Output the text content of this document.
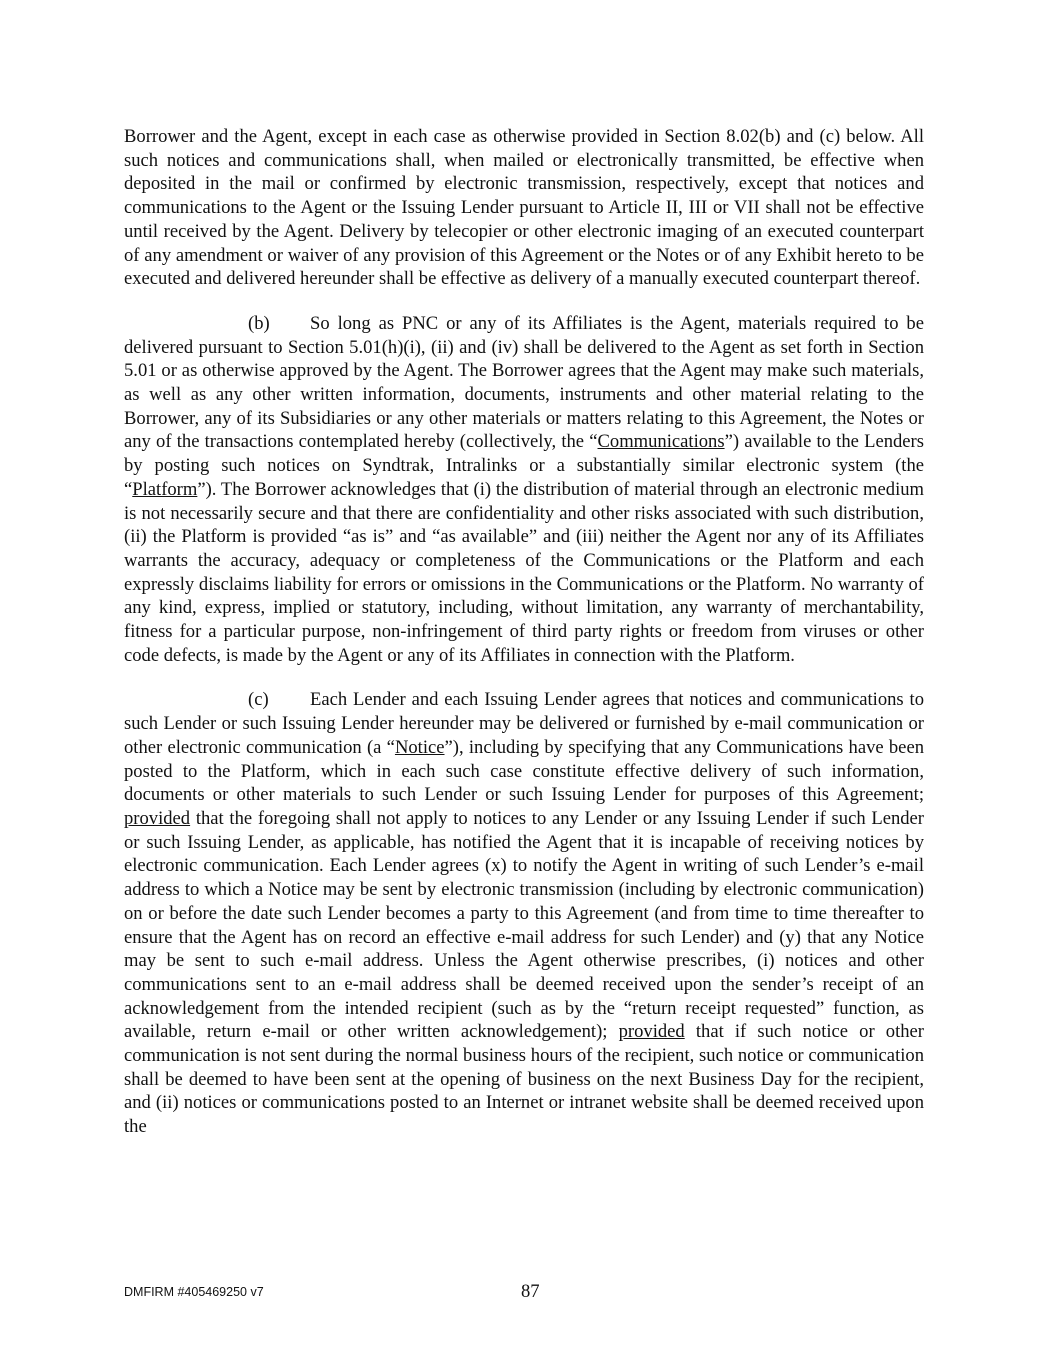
Borrower and the Agent, except in each case as otherwise provided in Section 8.02(b) and (c) below. All such notices and communications shall, when mailed or electronically transmitted, be effective when deposited in the mail or confirmed by electronic transmission, respectively, except that notices and communications to the Agent or the Issuing Lender pursuant to Article II, III or VII shall not be effective until received by the Agent. Delivery by telecopier or other electronic imaging of an executed counterpart of any amendment or waiver of any provision of this Agreement or the Notes or of any Exhibit hereto to be executed and delivered hereunder shall be effective as delivery of a manually executed counterpart thereof.

(b) So long as PNC or any of its Affiliates is the Agent, materials required to be delivered pursuant to Section 5.01(h)(i), (ii) and (iv) shall be delivered to the Agent as set forth in Section 5.01 or as otherwise approved by the Agent. The Borrower agrees that the Agent may make such materials, as well as any other written information, documents, instruments and other material relating to the Borrower, any of its Subsidiaries or any other materials or matters relating to this Agreement, the Notes or any of the transactions contemplated hereby (collectively, the “Communications”) available to the Lenders by posting such notices on Syndtrak, Intralinks or a substantially similar electronic system (the “Platform”). The Borrower acknowledges that (i) the distribution of material through an electronic medium is not necessarily secure and that there are confidentiality and other risks associated with such distribution, (ii) the Platform is provided “as is” and “as available” and (iii) neither the Agent nor any of its Affiliates warrants the accuracy, adequacy or completeness of the Communications or the Platform and each expressly disclaims liability for errors or omissions in the Communications or the Platform. No warranty of any kind, express, implied or statutory, including, without limitation, any warranty of merchantability, fitness for a particular purpose, non-infringement of third party rights or freedom from viruses or other code defects, is made by the Agent or any of its Affiliates in connection with the Platform.

(c) Each Lender and each Issuing Lender agrees that notices and communications to such Lender or such Issuing Lender hereunder may be delivered or furnished by e-mail communication or other electronic communication (a “Notice”), including by specifying that any Communications have been posted to the Platform, which in each such case constitute effective delivery of such information, documents or other materials to such Lender or such Issuing Lender for purposes of this Agreement; provided that the foregoing shall not apply to notices to any Lender or any Issuing Lender if such Lender or such Issuing Lender, as applicable, has notified the Agent that it is incapable of receiving notices by electronic communication. Each Lender agrees (x) to notify the Agent in writing of such Lender’s e-mail address to which a Notice may be sent by electronic transmission (including by electronic communication) on or before the date such Lender becomes a party to this Agreement (and from time to time thereafter to ensure that the Agent has on record an effective e-mail address for such Lender) and (y) that any Notice may be sent to such e-mail address. Unless the Agent otherwise prescribes, (i) notices and other communications sent to an e-mail address shall be deemed received upon the sender’s receipt of an acknowledgement from the intended recipient (such as by the “return receipt requested” function, as available, return e-mail or other written acknowledgement); provided that if such notice or other communication is not sent during the normal business hours of the recipient, such notice or communication shall be deemed to have been sent at the opening of business on the next Business Day for the recipient, and (ii) notices or communications posted to an Internet or intranet website shall be deemed received upon the

DMFIRM #405469250 v7	87
